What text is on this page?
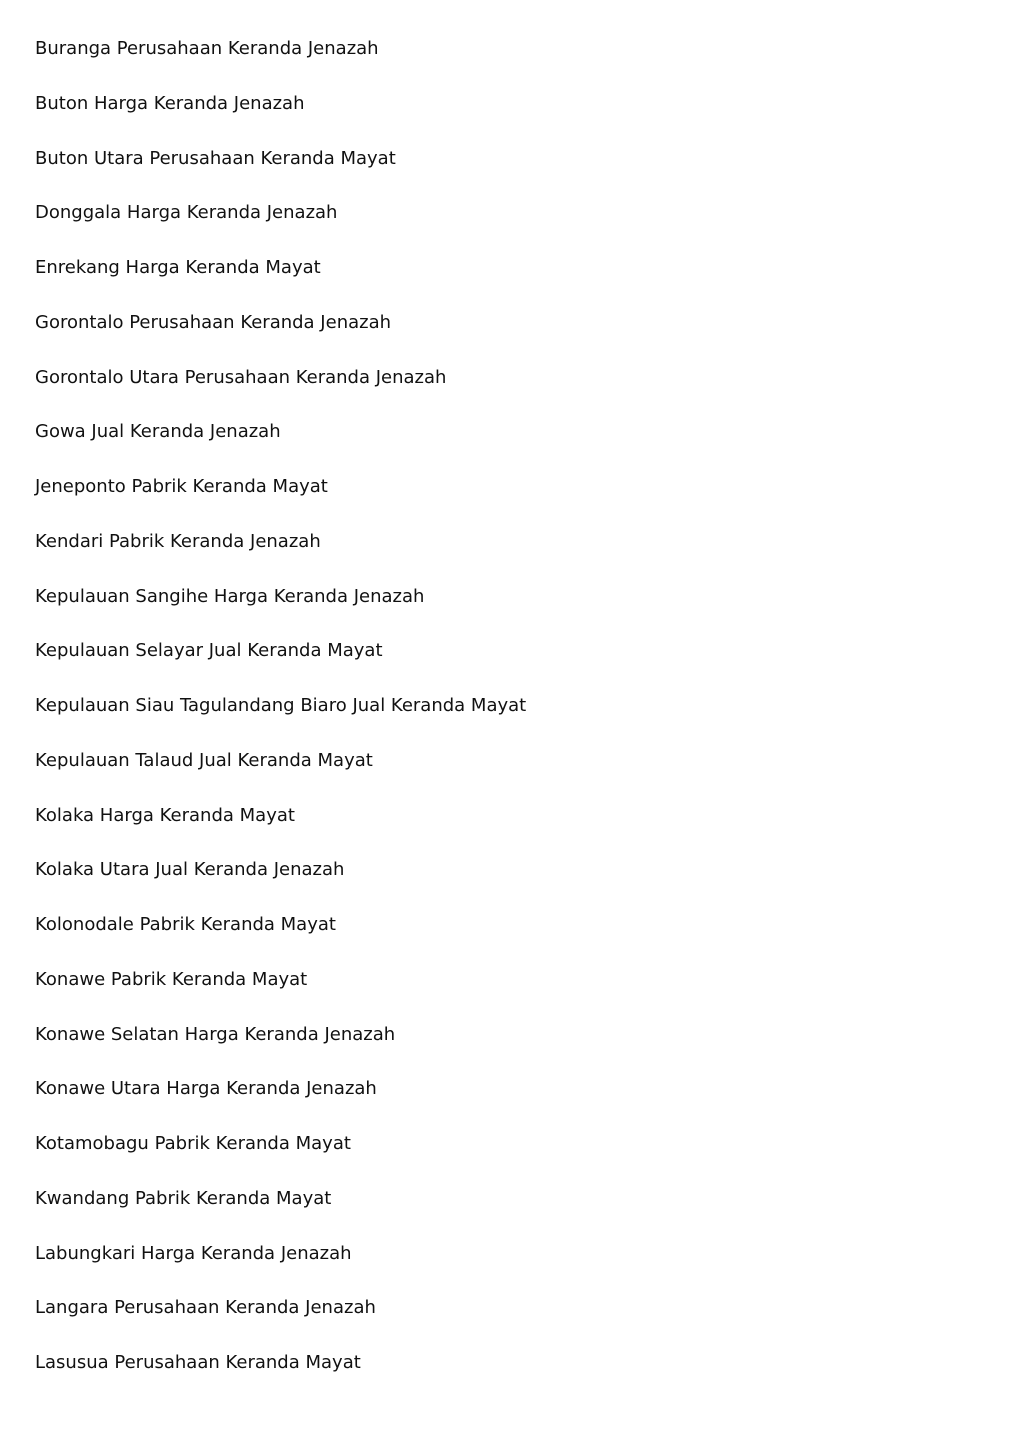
Buranga Perusahaan Keranda Jenazah
Buton Harga Keranda Jenazah
Buton Utara Perusahaan Keranda Mayat
Donggala Harga Keranda Jenazah
Enrekang Harga Keranda Mayat
Gorontalo Perusahaan Keranda Jenazah
Gorontalo Utara Perusahaan Keranda Jenazah
Gowa Jual Keranda Jenazah
Jeneponto Pabrik Keranda Mayat
Kendari Pabrik Keranda Jenazah
Kepulauan Sangihe Harga Keranda Jenazah
Kepulauan Selayar Jual Keranda Mayat
Kepulauan Siau Tagulandang Biaro Jual Keranda Mayat
Kepulauan Talaud Jual Keranda Mayat
Kolaka Harga Keranda Mayat
Kolaka Utara Jual Keranda Jenazah
Kolonodale Pabrik Keranda Mayat
Konawe Pabrik Keranda Mayat
Konawe Selatan Harga Keranda Jenazah
Konawe Utara Harga Keranda Jenazah
Kotamobagu Pabrik Keranda Mayat
Kwandang Pabrik Keranda Mayat
Labungkari Harga Keranda Jenazah
Langara Perusahaan Keranda Jenazah
Lasusua Perusahaan Keranda Mayat
